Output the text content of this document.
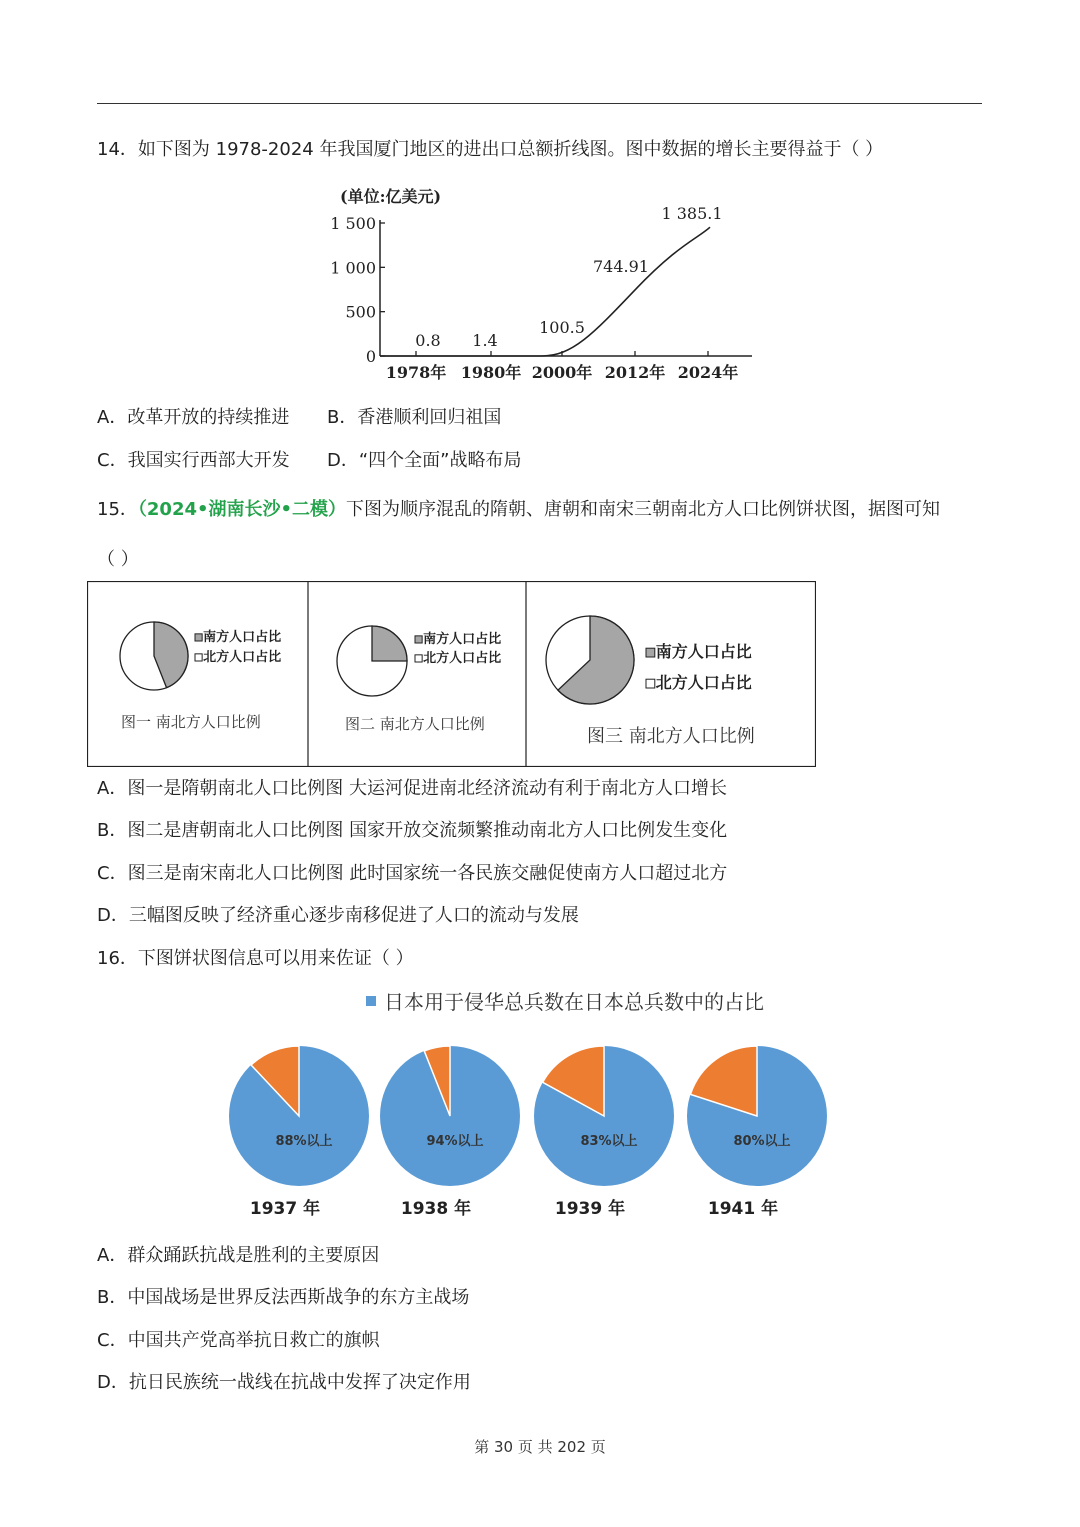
14．如下图为 1978-2024 年我国厦门地区的进出口总额折线图。图中数据的增长主要得益于（ ）
(单位:亿美元)
0
500
1 000
1 500
1978年 1980年 2000年 2012年 2024年
0.8 1.4
100.5
744.91
1 385.1
A．改革开放的持续推进 B．香港顺利回归祖国
C．我国实行西部大开发 D．“四个全面”战略布局
15．（2024•湖南长沙•二模）下图为顺序混乱的隋朝、唐朝和南宋三朝南北方人口比例饼状图，据图可知
（ ）
南方人口占比
北方人口占比
图一 南北方人口比例
南方人口占比
北方人口占比
图二 南北方人口比例
南方人口占比
北方人口占比
图三 南北方人口比例
A．图一是隋朝南北人口比例图 大运河促进南北经济流动有利于南北方人口增长
B．图二是唐朝南北人口比例图 国家开放交流频繁推动南北方人口比例发生变化
C．图三是南宋南北人口比例图 此时国家统一各民族交融促使南方人口超过北方
D．三幅图反映了经济重心逐步南移促进了人口的流动与发展
16．下图饼状图信息可以用来佐证（ ）
日本用于侵华总兵数在日本总兵数中的占比
88%以上
1937 年
94%以上
1938 年
83%以上
1939 年
80%以上
1941 年
A．群众踊跃抗战是胜利的主要原因
B．中国战场是世界反法西斯战争的东方主战场
C．中国共产党高举抗日救亡的旗帜
D．抗日民族统一战线在抗战中发挥了决定作用
第 30 页 共 202 页
